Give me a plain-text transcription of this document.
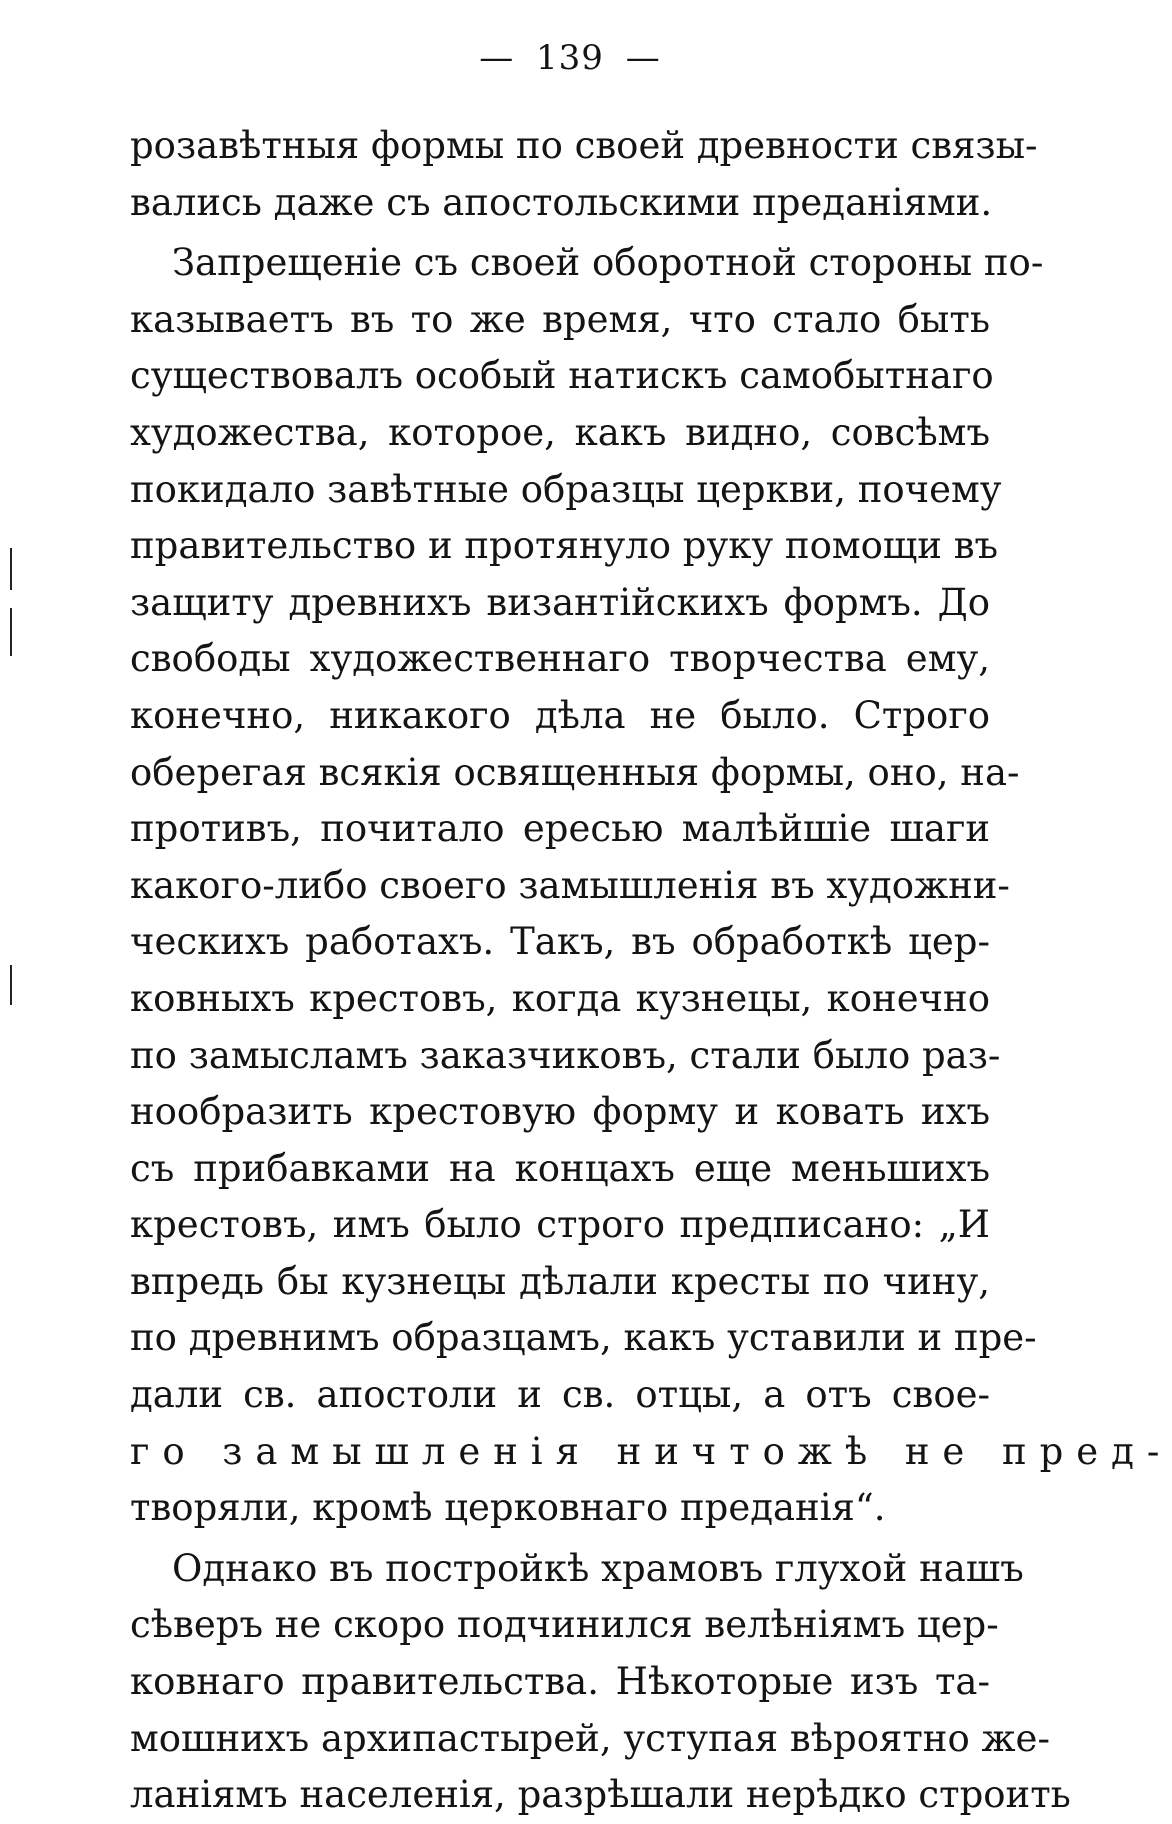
— 139 —
розавѣтныя формы по своей древности связы-
вались даже съ апостольскими преданіями.
Запрещеніе съ своей оборотной стороны по-
казываетъ въ то же время, что стало быть
существовалъ особый натискъ самобытнаго
художества, которое, какъ видно, совсѣмъ
покидало завѣтные образцы церкви, почему
правительство и протянуло руку помощи въ
защиту древнихъ византійскихъ формъ. До
свободы художественнаго творчества ему,
конечно, никакого дѣла не было. Строго
оберегая всякія освященныя формы, оно, на-
противъ, почитало ересью малѣйшіе шаги
какого-либо своего замышленія въ художни-
ческихъ работахъ. Такъ, въ обработкѣ цер-
ковныхъ крестовъ, когда кузнецы, конечно
по замысламъ заказчиковъ, стали было раз-
нообразить крестовую форму и ковать ихъ
съ прибавками на концахъ еще меньшихъ
крестовъ, имъ было строго предписано: „И
впредь бы кузнецы дѣлали кресты по чину,
по древнимъ образцамъ, какъ уставили и пре-
дали св. апостоли и св. отцы, а отъ свое-
го замышленія ничтожѣ не пред-
творяли, кромѣ церковнаго преданія“.
Однако въ постройкѣ храмовъ глухой нашъ
сѣверъ не скоро подчинился велѣніямъ цер-
ковнаго правительства. Нѣкоторые изъ та-
мошнихъ архипастырей, уступая вѣроятно же-
ланіямъ населенія, разрѣшали нерѣдко строить
